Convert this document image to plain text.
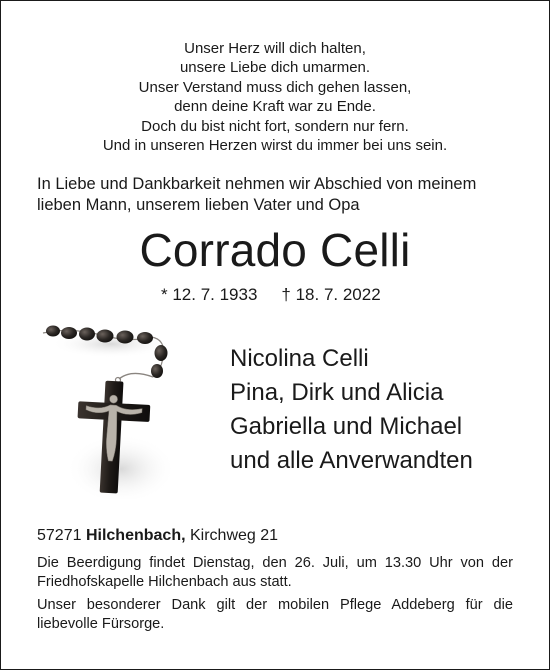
Unser Herz will dich halten,
unsere Liebe dich umarmen.
Unser Verstand muss dich gehen lassen,
denn deine Kraft war zu Ende.
Doch du bist nicht fort, sondern nur fern.
Und in unseren Herzen wirst du immer bei uns sein.
In Liebe und Dankbarkeit nehmen wir Abschied von meinem lieben Mann, unserem lieben Vater und Opa
Corrado Celli
* 12. 7. 1933 † 18. 7. 2022
Nicolina Celli
Pina, Dirk und Alicia
Gabriella und Michael
und alle Anverwandten
57271 Hilchenbach, Kirchweg 21
Die Beerdigung findet Dienstag, den 26. Juli, um 13.30 Uhr von der Friedhofskapelle Hilchenbach aus statt.
Unser besonderer Dank gilt der mobilen Pflege Addeberg für die liebevolle Fürsorge.
